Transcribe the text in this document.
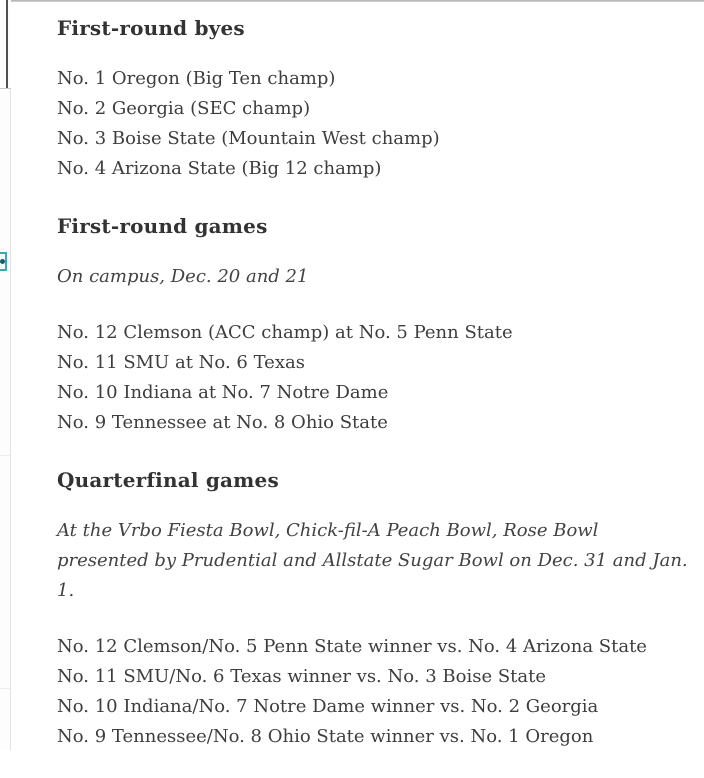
First-round byes

No. 1 Oregon (Big Ten champ)
No. 2 Georgia (SEC champ)
No. 3 Boise State (Mountain West champ)
No. 4 Arizona State (Big 12 champ)

First-round games

On campus, Dec. 20 and 21

No. 12 Clemson (ACC champ) at No. 5 Penn State
No. 11 SMU at No. 6 Texas
No. 10 Indiana at No. 7 Notre Dame
No. 9 Tennessee at No. 8 Ohio State

Quarterfinal games

At the Vrbo Fiesta Bowl, Chick-fil-A Peach Bowl, Rose Bowl presented by Prudential and Allstate Sugar Bowl on Dec. 31 and Jan. 1.

No. 12 Clemson/No. 5 Penn State winner vs. No. 4 Arizona State
No. 11 SMU/No. 6 Texas winner vs. No. 3 Boise State
No. 10 Indiana/No. 7 Notre Dame winner vs. No. 2 Georgia
No. 9 Tennessee/No. 8 Ohio State winner vs. No. 1 Oregon
